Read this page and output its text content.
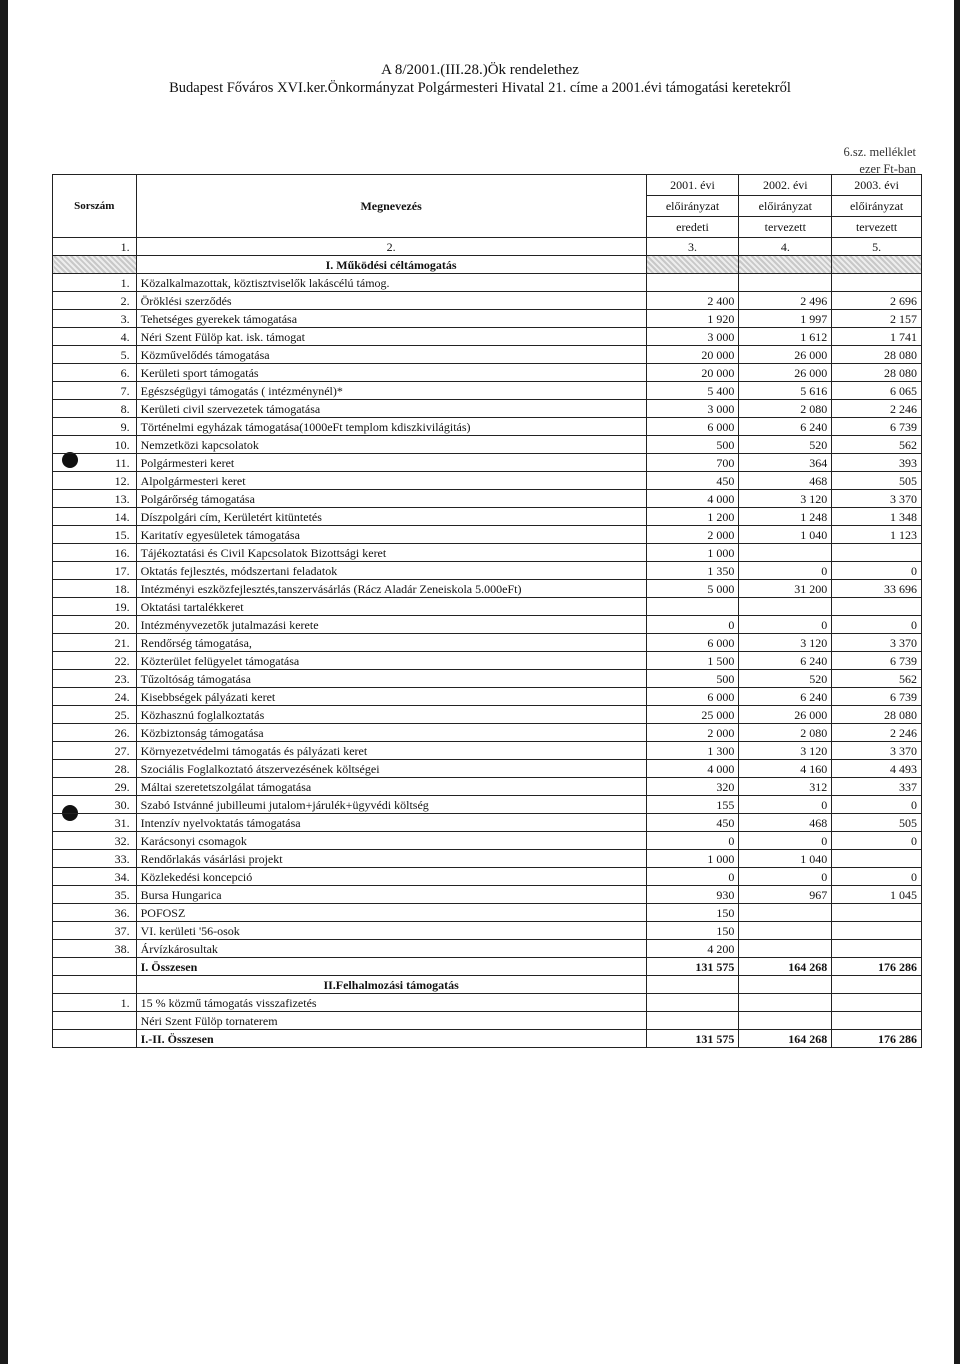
A 8/2001.(III.28.)Ök rendelethez
Budapest Főváros XVI.ker.Önkormányzat Polgármesteri Hivatal 21. címe a 2001.évi támogatási keretekről
6.sz. melléklet
ezer Ft-ban
Sorszám	Megnevezés	2001. évi	2002. évi	2003. évi
		előirányzat	előirányzat	előirányzat
		eredeti	tervezett	tervezett
1.	2.	3.	4.	5.
	I. Működési céltámogatás			
1.	Közalkalmazottak, köztisztviselők lakáscélú támog.			
2.	Öröklési szerződés	2 400	2 496	2 696
3.	Tehetséges gyerekek támogatása	1 920	1 997	2 157
4.	Néri Szent Fülöp kat. isk. támogat	3 000	1 612	1 741
5.	Közművelődés támogatása	20 000	26 000	28 080
6.	Kerületi sport támogatás	20 000	26 000	28 080
7.	Egészségügyi támogatás ( intézménynél)*	5 400	5 616	6 065
8.	Kerületi civil szervezetek támogatása	3 000	2 080	2 246
9.	Történelmi egyházak támogatása(1000eFt templom kdiszkivilágitás)	6 000	6 240	6 739
10.	Nemzetközi kapcsolatok	500	520	562
11.	Polgármesteri keret	700	364	393
12.	Alpolgármesteri keret	450	468	505
13.	Polgárőrség támogatása	4 000	3 120	3 370
14.	Díszpolgári cím, Kerületért kitüntetés	1 200	1 248	1 348
15.	Karitatív egyesületek támogatása	2 000	1 040	1 123
16.	Tájékoztatási és Civil Kapcsolatok Bizottsági keret	1 000		
17.	Oktatás fejlesztés, módszertani feladatok	1 350	0	0
18.	Intézményi eszközfejlesztés,tanszervásárlás (Rácz Aladár Zeneiskola 5.000eFt)	5 000	31 200	33 696
19.	Oktatási tartalékkeret			
20.	Intézményvezetők jutalmazási kerete	0	0	0
21.	Rendőrség támogatása,	6 000	3 120	3 370
22.	Közterület felügyelet támogatása	1 500	6 240	6 739
23.	Tűzoltóság támogatása	500	520	562
24.	Kisebbségek pályázati keret	6 000	6 240	6 739
25.	Közhasznú foglalkoztatás	25 000	26 000	28 080
26.	Közbiztonság támogatása	2 000	2 080	2 246
27.	Környezetvédelmi támogatás és pályázati keret	1 300	3 120	3 370
28.	Szociális Foglalkoztató átszervezésének költségei	4 000	4 160	4 493
29.	Máltai szeretetszolgálat támogatása	320	312	337
30.	Szabó Istvánné jubilleumi jutalom+járulék+ügyvédi költség	155	0	0
31.	Intenzív nyelvoktatás támogatása	450	468	505
32.	Karácsonyi csomagok	0	0	0
33.	Rendőrlakás vásárlási projekt	1 000	1 040	
34.	Közlekedési koncepció	0	0	0
35.	Bursa Hungarica	930	967	1 045
36.	POFOSZ	150		
37.	VI. kerületi '56-osok	150		
38.	Árvízkárosultak	4 200		
	I. Összesen	131 575	164 268	176 286
	II.Felhalmozási támogatás			
1.	15 % közmű támogatás visszafizetés			
	Néri Szent Fülöp tornaterem			
	I.-II. Összesen	131 575	164 268	176 286
